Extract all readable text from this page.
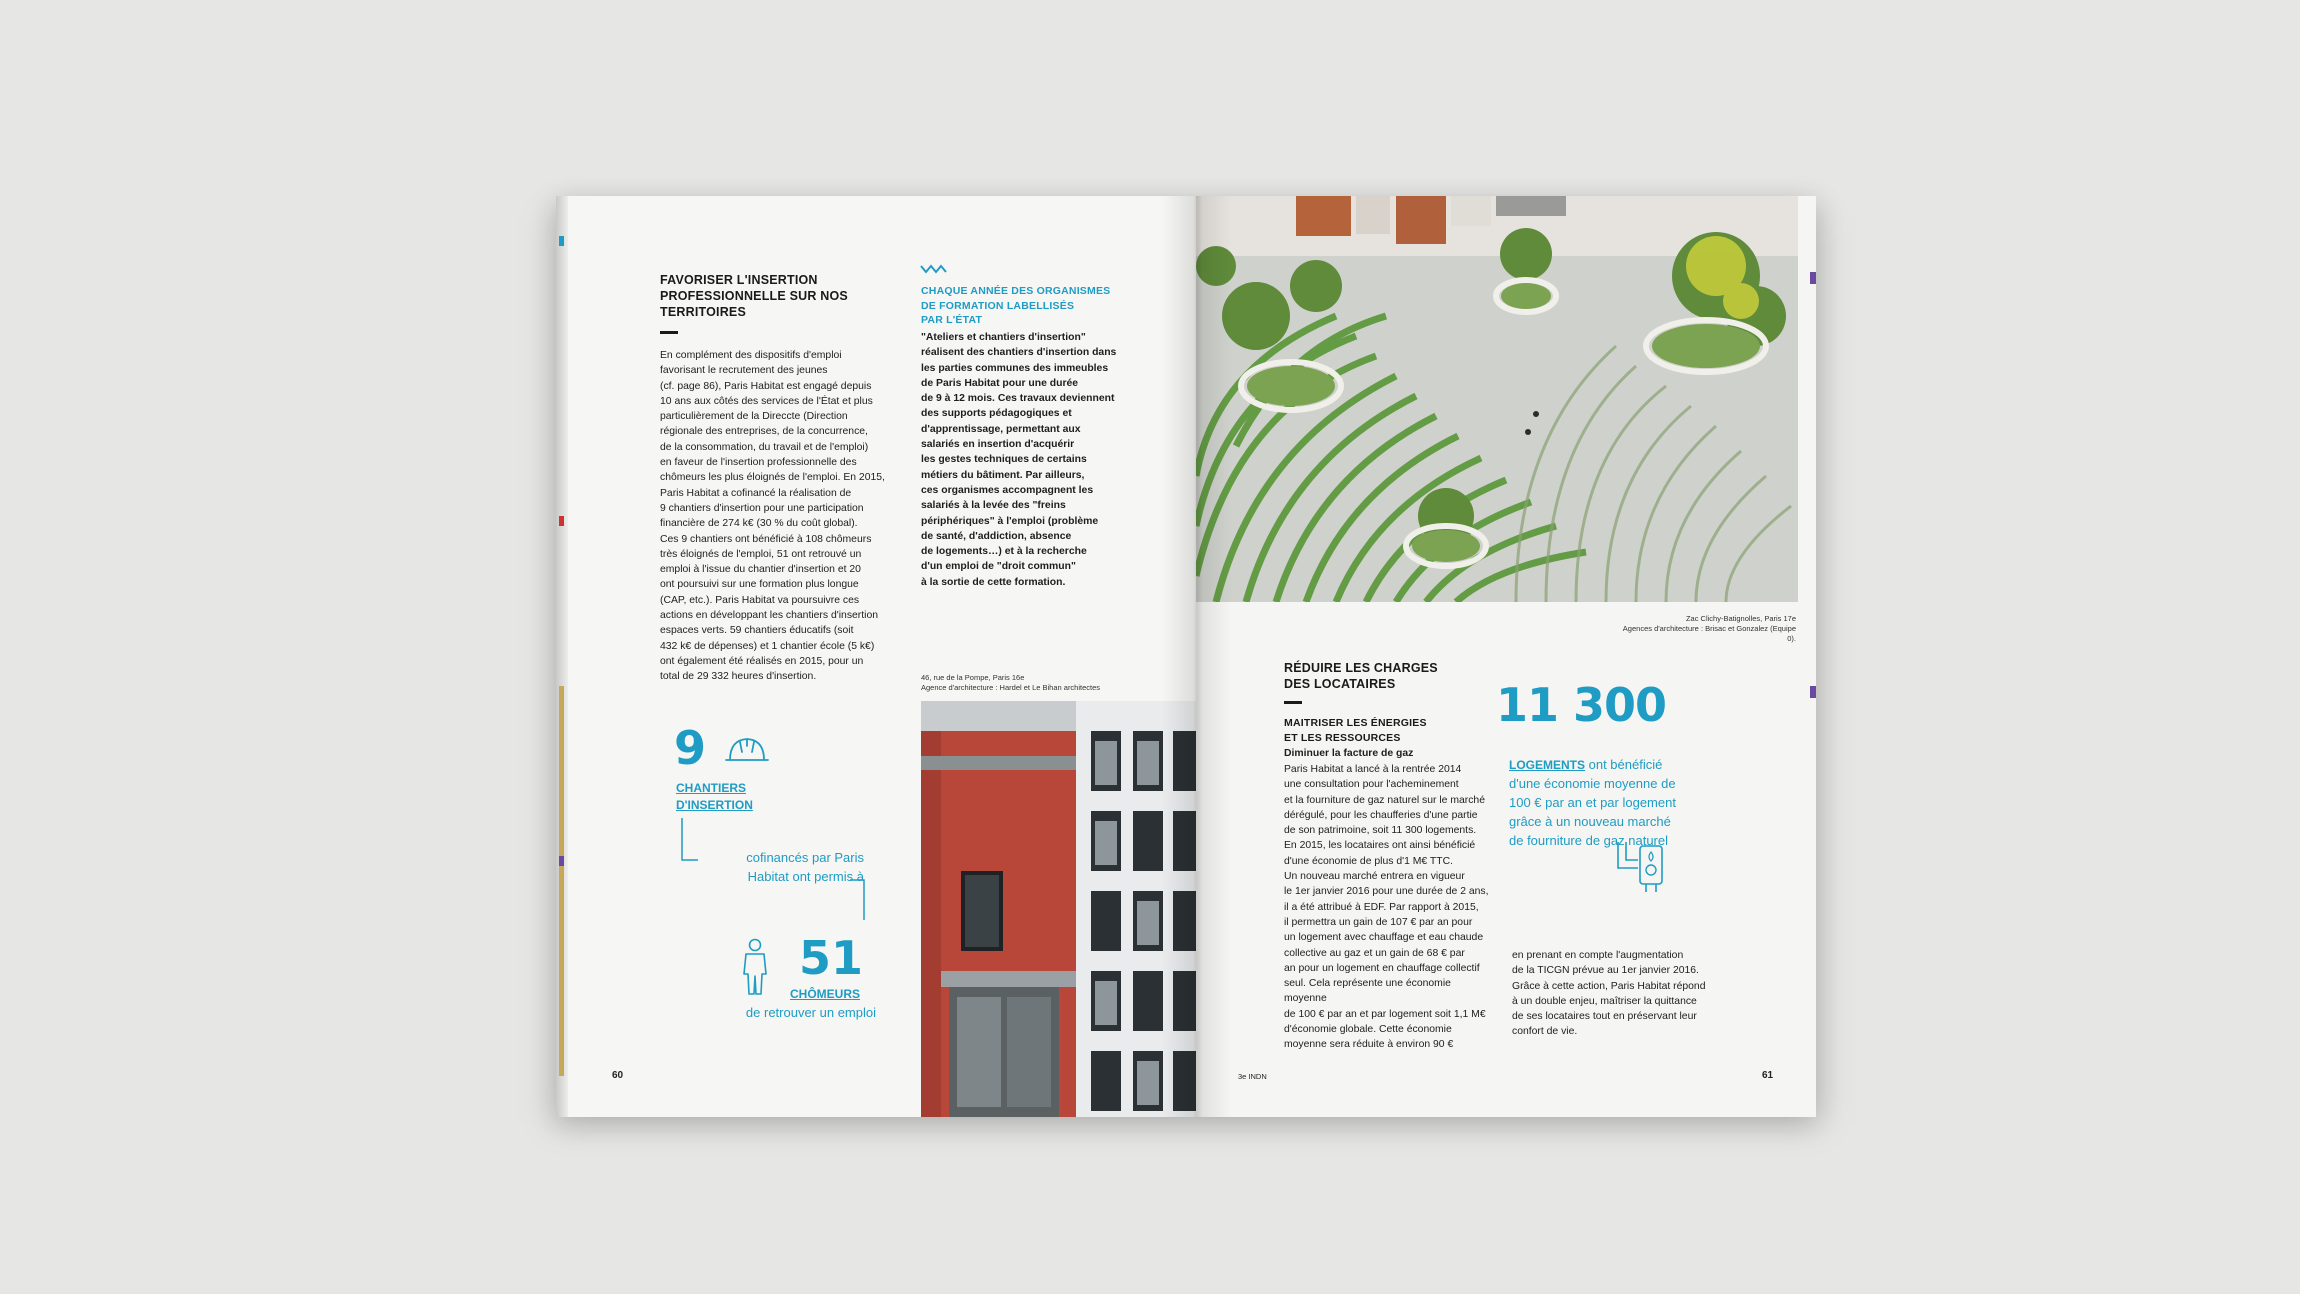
FAVORISER L'INSERTION
PROFESSIONNELLE SUR NOS
TERRITOIRES
En complément des dispositifs d'emploi
favorisant le recrutement des jeunes
(cf. page 86), Paris Habitat est engagé depuis
10 ans aux côtés des services de l'État et plus
particulièrement de la Direccte (Direction
régionale des entreprises, de la concurrence,
de la consommation, du travail et de l'emploi)
en faveur de l'insertion professionnelle des
chômeurs les plus éloignés de l'emploi. En 2015,
Paris Habitat a cofinancé la réalisation de
9 chantiers d'insertion pour une participation
financière de 274 k€ (30 % du coût global).
Ces 9 chantiers ont bénéficié à 108 chômeurs
très éloignés de l'emploi, 51 ont retrouvé un
emploi à l'issue du chantier d'insertion et 20
ont poursuivi sur une formation plus longue
(CAP, etc.). Paris Habitat va poursuivre ces
actions en développant les chantiers d'insertion
espaces verts. 59 chantiers éducatifs (soit
432 k€ de dépenses) et 1 chantier école (5 k€)
ont également été réalisés en 2015, pour un
total de 29 332 heures d'insertion.
CHAQUE ANNÉE DES ORGANISMES
DE FORMATION LABELLISÉS
PAR L'ÉTAT
"Ateliers et chantiers d'insertion"
réalisent des chantiers d'insertion dans
les parties communes des immeubles
de Paris Habitat pour une durée
de 9 à 12 mois. Ces travaux deviennent
des supports pédagogiques et
d'apprentissage, permettant aux
salariés en insertion d'acquérir
les gestes techniques de certains
métiers du bâtiment. Par ailleurs,
ces organismes accompagnent les
salariés à la levée des "freins
périphériques" à l'emploi (problème
de santé, d'addiction, absence
de logements…) et à la recherche
d'un emploi de "droit commun"
à la sortie de cette formation.
9
CHANTIERS
D'INSERTION
cofinancés par Paris
Habitat ont permis à
51
CHÔMEURS
de retrouver un emploi
60
46, rue de la Pompe, Paris 16e
Agence d'architecture : Hardel et Le Bihan architectes
Zac Clichy-Batignolles, Paris 17e
Agences d'architecture : Brisac et Gonzalez (Equipe 0).
RÉDUIRE LES CHARGES
DES LOCATAIRES
MAITRISER LES ÉNERGIES
ET LES RESSOURCES
Diminuer la facture de gaz
Paris Habitat a lancé à la rentrée 2014
une consultation pour l'acheminement
et la fourniture de gaz naturel sur le marché
dérégulé, pour les chaufferies d'une partie
de son patrimoine, soit 11 300 logements.
En 2015, les locataires ont ainsi bénéficié
d'une économie de plus d'1 M€ TTC.
Un nouveau marché entrera en vigueur
le 1er janvier 2016 pour une durée de 2 ans,
il a été attribué à EDF. Par rapport à 2015,
il permettra un gain de 107 € par an pour
un logement avec chauffage et eau chaude
collective au gaz et un gain de 68 € par
an pour un logement en chauffage collectif
seul. Cela représente une économie moyenne
de 100 € par an et par logement soit 1,1 M€
d'économie globale. Cette économie
moyenne sera réduite à environ 90 €
11 300

LOGEMENTS ont bénéficié
d'une économie moyenne de
100 € par an et par logement
grâce à un nouveau marché
de fourniture de gaz naturel

en prenant en compte l'augmentation
de la TICGN prévue au 1er janvier 2016.
Grâce à cette action, Paris Habitat répond
à un double enjeu, maîtriser la quittance
de ses locataires tout en préservant leur
confort de vie.
3e INDN	61
